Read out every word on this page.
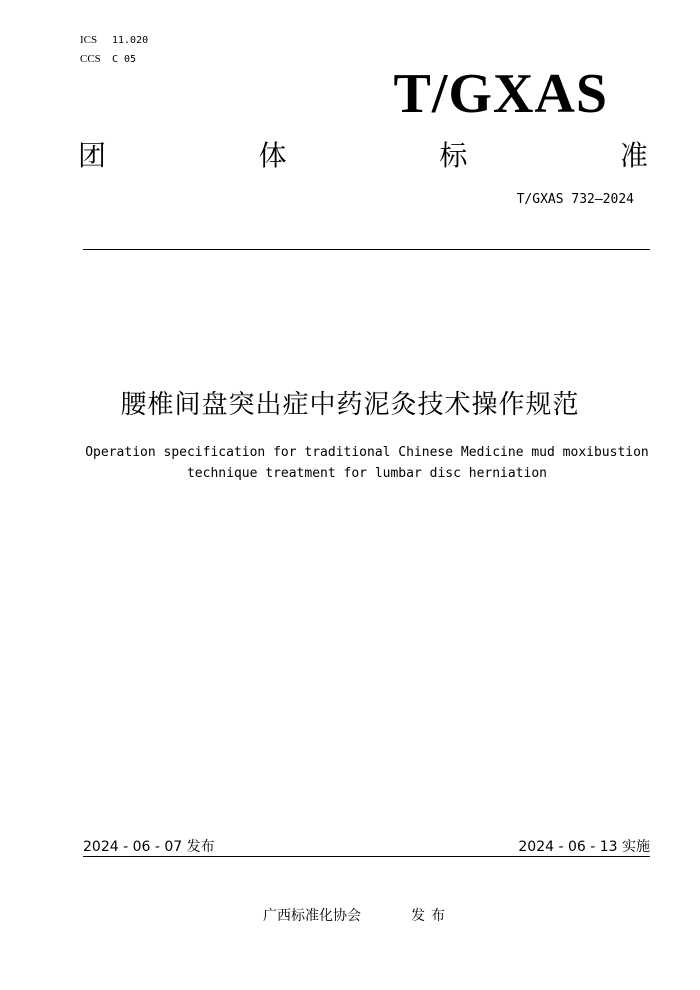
ICS 11.020
CCS C 05
T/GXAS
团	体	标	准
T/GXAS 732—2024
腰椎间盘突出症中药泥灸技术操作规范
Operation specification for traditional Chinese Medicine mud moxibustion
technique treatment for lumbar disc herniation
2024 - 06 - 07 发布	2024 - 06 - 13 实施
广西标准化协会	发布
